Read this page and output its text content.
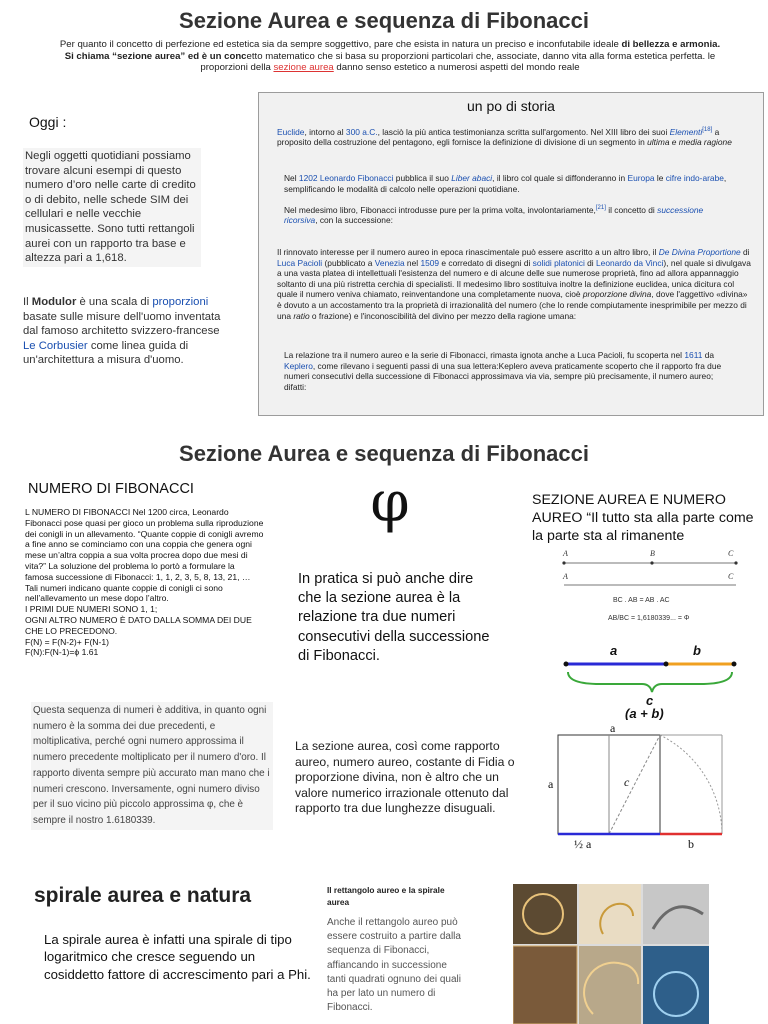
Sezione Aurea e sequenza di Fibonacci
Per quanto il concetto di perfezione ed estetica sia da sempre soggettivo, pare che esista in natura un preciso e inconfutabile ideale di bellezza e armonia.
Si chiama “sezione aurea” ed è un concetto matematico che si basa su proporzioni particolari che, associate, danno vita alla forma estetica perfetta. le proporzioni della sezione aurea danno senso estetico a numerosi aspetti del mondo reale
Oggi :
Negli oggetti quotidiani possiamo trovare alcuni esempi di questo numero d’oro nelle carte di credito o di debito, nelle schede SIM dei cellulari e nelle vecchie musicassette. Sono tutti rettangoli aurei con un rapporto tra base e altezza pari a 1,618.
Il Modulor è una scala di proporzioni basate sulle misure dell'uomo inventata dal famoso architetto svizzero-francese Le Corbusier come linea guida di un'architettura a misura d'uomo.
un po di storia
Euclide, intorno al 300 a.C., lasciò la più antica testimonianza scritta sull'argomento. Nel XIII libro dei suoi Elementi[18] a proposito della costruzione del pentagono, egli fornisce la definizione di divisione di un segmento in ultima e media ragione
Nel 1202 Leonardo Fibonacci pubblica il suo Liber abaci, il libro col quale si diffonderanno in Europa le cifre indo-arabe, semplificando le modalità di calcolo nelle operazioni quotidiane.
Nel medesimo libro, Fibonacci introdusse pure per la prima volta, involontariamente,[21] il concetto di successione ricorsiva, con la successione:
Il rinnovato interesse per il numero aureo in epoca rinascimentale può essere ascritto a un altro libro, il De Divina Proportione di Luca Pacioli (pubblicato a Venezia nel 1509 e corredato di disegni di solidi platonici di Leonardo da Vinci), nel quale si divulgava a una vasta platea di intellettuali l'esistenza del numero e di alcune delle sue numerose proprietà, fino ad allora appannaggio soltanto di una più ristretta cerchia di specialisti. Il medesimo libro sostituiva inoltre la definizione euclidea, unica dicitura col quale il numero veniva chiamato, reinventandone una completamente nuova, cioè proporzione divina, dove l'aggettivo «divina» è dovuto a un accostamento tra la proprietà di irrazionalità del numero (che lo rende compiutamente inesprimibile per mezzo di una ratio o frazione) e l'inconoscibilità del divino per mezzo della ragione umana:
La relazione tra il numero aureo e la serie di Fibonacci, rimasta ignota anche a Luca Pacioli, fu scoperta nel 1611 da Keplero, come rilevano i seguenti passi di una sua lettera:Keplero aveva praticamente scoperto che il rapporto fra due numeri consecutivi della successione di Fibonacci approssimava via via, sempre più precisamente, il numero aureo; difatti:
Sezione Aurea e sequenza di Fibonacci
NUMERO DI FIBONACCI
L NUMERO DI FIBONACCI Nel 1200 circa, Leonardo Fibonacci pose quasi per gioco un problema sulla riproduzione dei conigli in un allevamento. “Quante coppie di conigli avremo a fine anno se cominciamo con una coppia che genera ogni mese un’altra coppia a sua volta procrea dopo due mesi di vita?” La soluzione del problema lo portò a formulare la famosa successione di Fibonacci: 1, 1, 2, 3, 5, 8, 13, 21, … Tali numeri indicano quante coppie di conigli ci sono nell’allevamento un mese dopo l’altro.
I PRIMI DUE NUMERI SONO 1, 1;
OGNI ALTRO NUMERO È DATO DALLA SOMMA DEI DUE CHE LO PRECEDONO.
F(N) = F(N-2)+ F(N-1)
F(N):F(N-1)=ϕ 1.61
φ
In pratica si può anche dire che la sezione aurea è la relazione tra due numeri consecutivi della successione di Fibonacci.
Questa sequenza di numeri è additiva, in quanto ogni numero è la somma dei due precedenti, e moltiplicativa, perché ogni numero approssima il numero precedente moltiplicato per il numero d'oro. Il rapporto diventa sempre più accurato man mano che i numeri crescono. Inversamente, ogni numero diviso per il suo vicino più piccolo approssima φ, che è sempre il nostro 1.6180339.
La sezione aurea, così come rapporto aureo, numero aureo, costante di Fidia o proporzione divina, non è altro che un valore numerico irrazionale ottenuto dal rapporto tra due lunghezze disuguali.
SEZIONE AUREA E NUMERO AUREO “Il tutto sta alla parte come la parte sta al rimanente
A	B	C
A	C
BC . AB = AB . AC
AB/BC = 1,6180339... = Φ
a	b
c
(a + b)
a
a	c
½ a	b
spirale aurea e natura
La spirale aurea è infatti una spirale di tipo logaritmico che cresce seguendo un cosiddetto fattore di accrescimento pari a Phi.
Il rettangolo aureo e la spirale aurea
Anche il rettangolo aureo può essere costruito a partire dalla sequenza di Fibonacci, affiancando in successione tanti quadrati ognuno dei quali ha per lato un numero di Fibonacci.
